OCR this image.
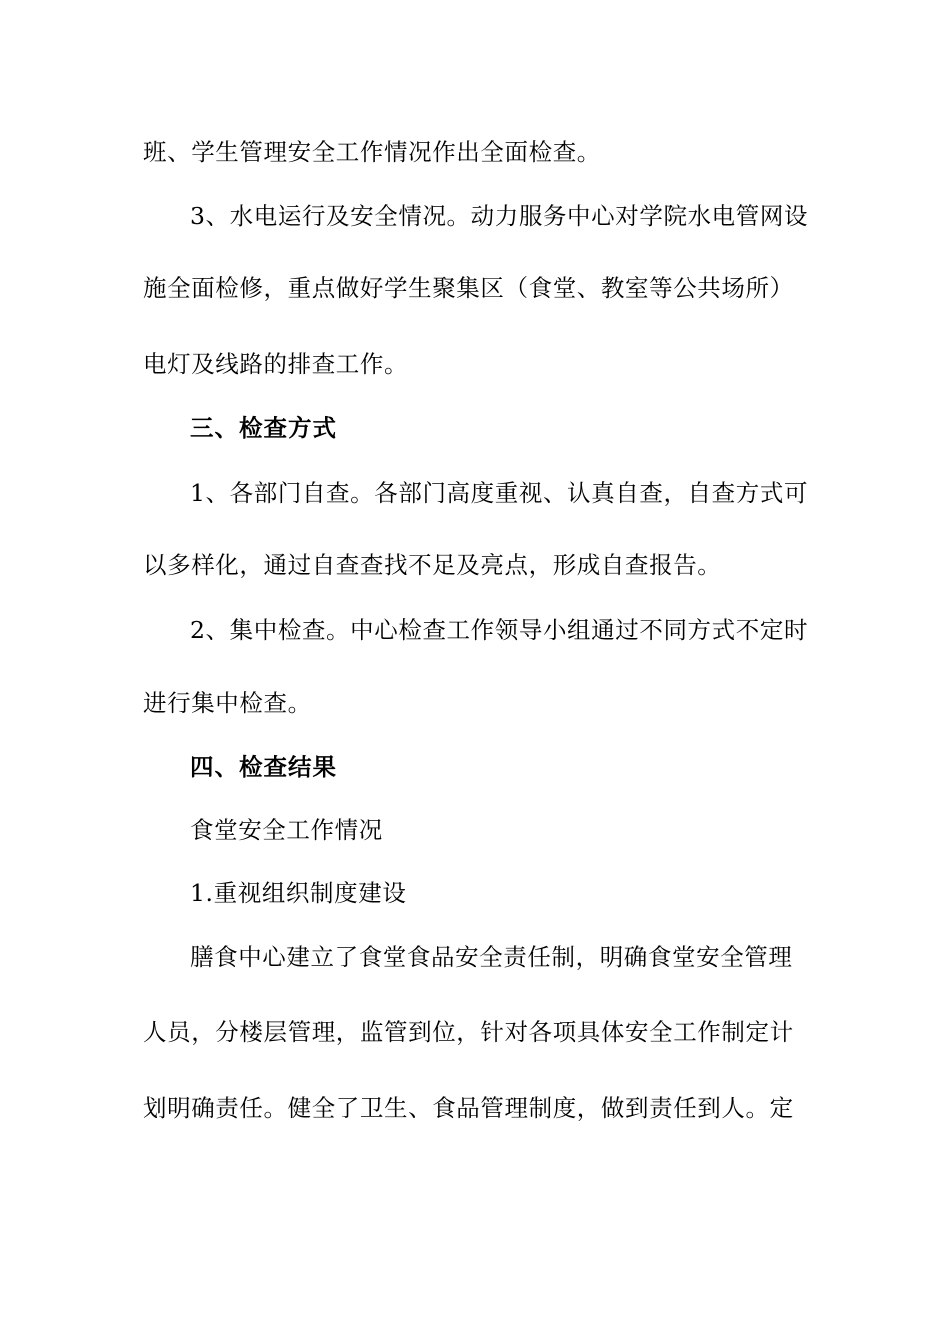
班、学生管理安全工作情况作出全面检查。
3、水电运行及安全情况。动力服务中心对学院水电管网设
施全面检修，重点做好学生聚集区（食堂、教室等公共场所）
电灯及线路的排查工作。
三、检查方式
1、各部门自查。各部门高度重视、认真自查，自查方式可
以多样化，通过自查查找不足及亮点，形成自查报告。
2、集中检查。中心检查工作领导小组通过不同方式不定时
进行集中检查。
四、检查结果
食堂安全工作情况
1.重视组织制度建设
膳食中心建立了食堂食品安全责任制，明确食堂安全管理
人员，分楼层管理，监管到位，针对各项具体安全工作制定计
划明确责任。健全了卫生、食品管理制度，做到责任到人。定
